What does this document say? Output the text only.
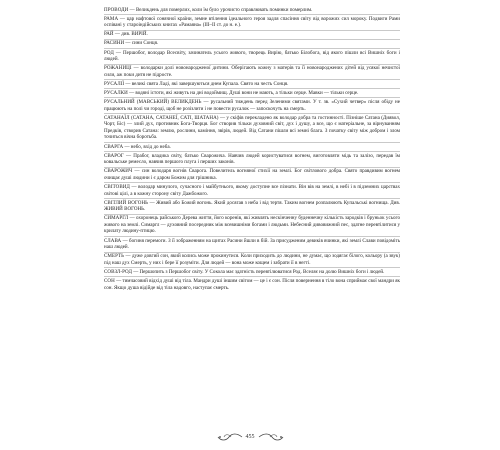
ПРОВОДИ — Великдень для померлих, коли їм було урочисто справлювать поминки померлим.

РАМА — цар нафтової сонячної країни, земне втілення ідеального героя задля спасіння світу від ворожих сил мороку. Подвиги Рами оспівані у староіндійських книгах «Рамаяна» (ІІІ–ІІ ст. до н. е.).

РАЙ — див. ВИРІЙ.

РАСИНИ — сини Сонця.

РОД — Першобог, володар Всесвіту, зачинатель усього живого, творець Вирію, батько Білобога, від якого пішли всі Вишніх боги і людей.

РОЖАНИЦІ — володарки долі новонародженої дитини. Оберігають кожну з матерів та її новонароджених дітей від усякої нечистої сили, аж поки дитя не підросте.

РУСАЛІЇ — великі свята Ладі, які завершуються днем Купала. Свято на честь Сонця.

РУСАЛКИ — водяні істоти, які живуть на дні водоймищ. Душі вони не мають, а тільки серце. Мавки — тільки серце.

РУСАЛЬНИЙ (МАВСЬКИЙ) ВЕЛИКДЕНЬ — русальний тиждень перед Зеленими святами. У т. зв. «Сухий четвер» після обіду не працюють на полі чи городі, щоб не розізлити і не повести русалок — запоскочуть на смерть.

САТАНАЇЛ (САТАНА, САТАНЕЇ, САТІ, ШАТАНА) — у скіфів перекладено як володар добра та гостинності. Пізніше Сатана (Диявол, Чорт, Біс) — злий дух, противник Бога-Творця. Бог створив тільки духовний світ, дух і душу, а все, що є матеріальне, за вірнуванням Предків, створив Сатана: землю, рослини, каміння, звірів, людей. Від Сатани пішли всі земні блага. З початку світу між добром і злом точиться вічна боротьба.

СВАРГА — небо, вхід до неба.

СВАРОГ — Прабог, владика світу, батько Сварожича. Навчив людей користуватися вогнем, виготовляти мідь та залізо, передав їм ковальське ремесло, навчив першого плуга і перших законів.

СВАРОЖИЧ — син володаря вогнів Сварога. Повелитель вогняної стихії на землі. Бог світлового добра. Свято правдивим вогнем очищає душі людини і є даром Божим для грішника.

СВІТОВИД — володар минулого, сучасного і майбутнього, якому доступне все пізнати. Він вів на землі, в небі і в підземних царствах світові цілі, а в кожну сторону світу Дажбожого.

СВІТЛИЙ ВОГОНЬ — Живий або Божий вогонь. Який досягав з неба і від тертя. Таким вогнем розпалюють Купальські вогнища. Див. ЖИВИЙ ВОГОНЬ.

СИМАРГЛ — охоронець райського Дерева життя, його коренів, які живлять нескінченну буденнечну кількість зародків і бруньок усього живого на землі. Симаргл — духовний посередник між всевишніми богами і людьми. Небесний дивовижний пес, здатне перевтілитися у крилату людину-птицю.

СЛАВА — богиня перемоги. З її зображенням на щитах Расини йшли в бій. За присудженим девиків вчинки, які землі Слави повідоміть наш людей.

СМЕРТЬ — дуже довгий сон, який колись може прокинутися. Коли приходить до людини, не думає, що зодягає білого, кольору (а звук) під наш дух Смерть, у них і бере її розуміти. Для людей — вона може кощем і забрати її в негті.

СОВЗЛ-РОД — Першопить з Першобог світу. У Сокола має здатність перевтілюватися Род. Вселяє на долю Вишніх боги і людей.

СОН — тимчасовий відхід душі від тіла. Мандри душі іншим світом — це і є сон. Після повернення в тіло вона сприймає свої мандри як сон. Якщо душа відійде від тіла надовго, наступає смерть.

455
